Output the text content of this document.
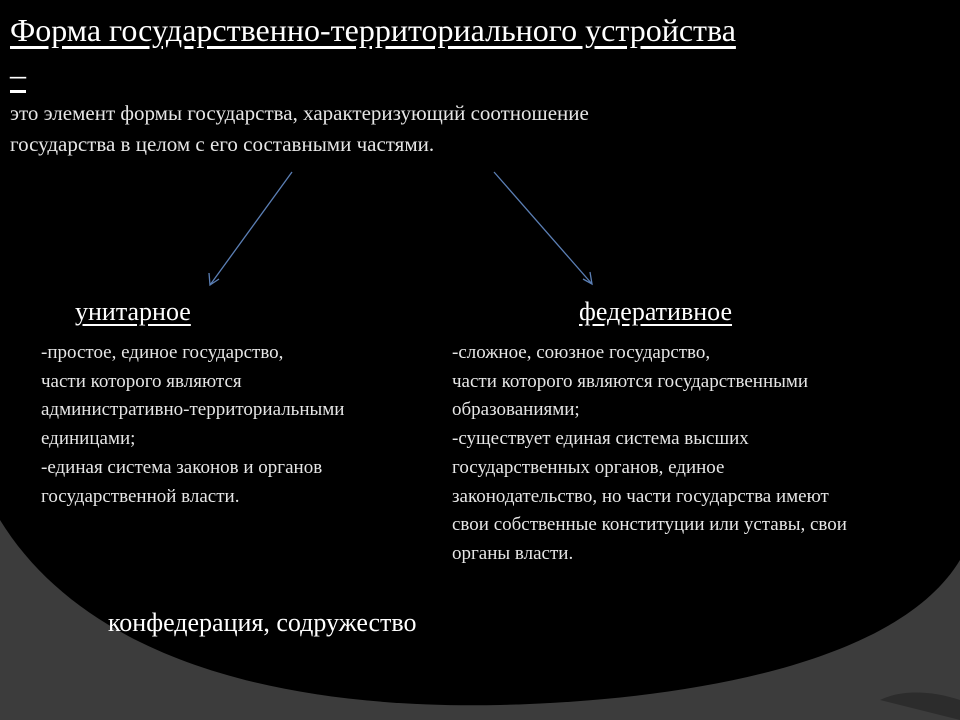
Форма государственно-территориального устройства
–
это элемент формы государства, характеризующий соотношение
государства в целом с его составными частями.
унитарное	федеративное
-простое, единое государство,
части которого являются
административно-территориальными
единицами;
-единая система законов и органов
государственной власти.
-сложное, союзное государство,
части которого являются государственными
образованиями;
-существует единая система высших
государственных органов, единое
законодательство, но части государства имеют
свои собственные конституции или уставы, свои
органы власти.
конфедерация, содружество
